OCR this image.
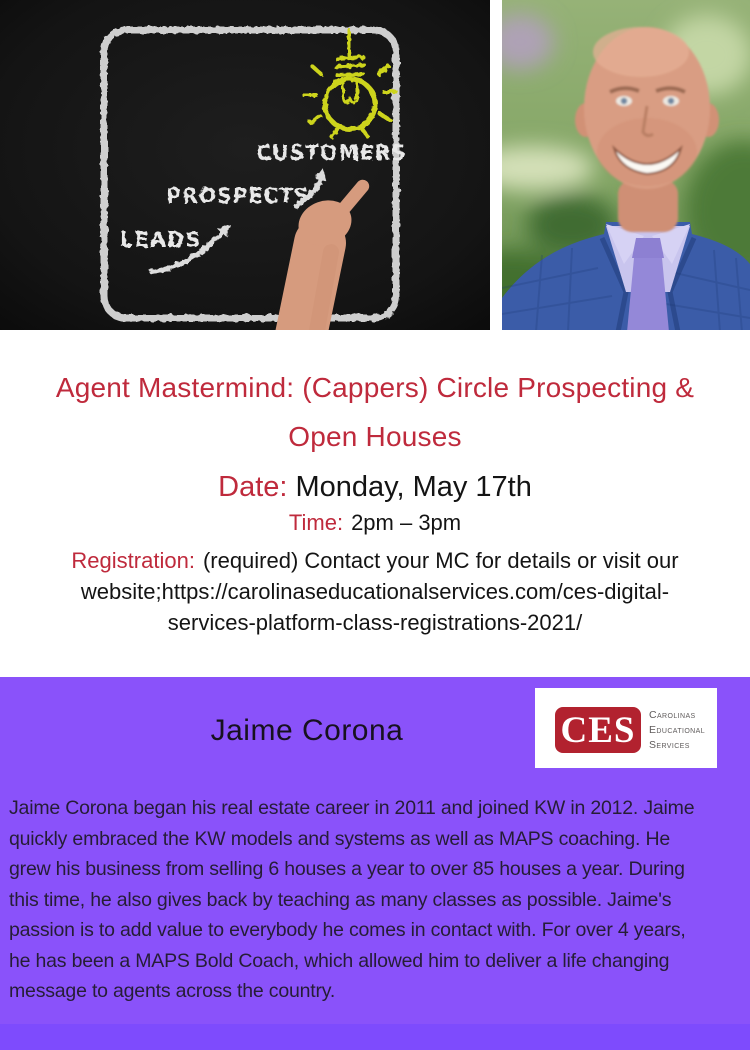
LEADS
PROSPECTS
CUSTOMERS
Agent Mastermind: (Cappers) Circle Prospecting &
Open Houses
Date: Monday, May 17th
Time: 2pm – 3pm
Registration: (required) Contact your MC for details or visit our
website;https://carolinaseducationalservices.com/ces-digital-
services-platform-class-registrations-2021/
Jaime Corona	CES	Carolinas
Educational
Services
Jaime Corona began his real estate career in 2011 and joined KW in 2012. Jaime
quickly embraced the KW models and systems as well as MAPS coaching. He
grew his business from selling 6 houses a year to over 85 houses a year. During
this time, he also gives back by teaching as many classes as possible. Jaime's
passion is to add value to everybody he comes in contact with. For over 4 years,
he has been a MAPS Bold Coach, which allowed him to deliver a life changing
message to agents across the country.
